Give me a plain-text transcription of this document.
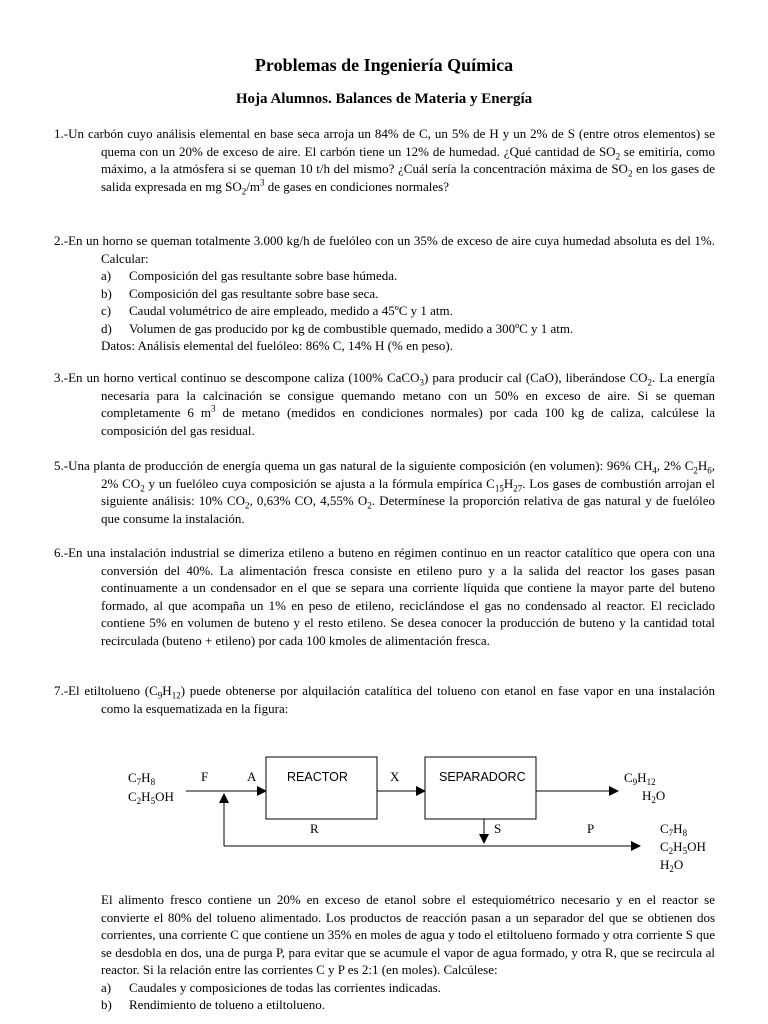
Problemas de Ingeniería Química
Hoja Alumnos. Balances de Materia y Energía

1.-Un carbón cuyo análisis elemental en base seca arroja un 84% de C, un 5% de H y un 2% de S (entre otros elementos) se quema con un 20% de exceso de aire. El carbón tiene un 12% de humedad. ¿Qué cantidad de $SO_2$ se emitiría, como máximo, a la atmósfera si se queman 10 t/h del mismo? ¿Cuál sería la concentración máxima de $SO_2$ en los gases de salida expresada en mg $SO_2/m^3$ de gases en condiciones normales?

2.-En un horno se queman totalmente 3.000 kg/h de fuelóleo con un 35% de exceso de aire cuya humedad absoluta es del 1%. Calcular:

a) Composición del gas resultante sobre base húmeda.
b) Composición del gas resultante sobre base seca.
c) Caudal volumétrico de aire empleado, medido a 45ºC y 1 atm.
d) Volumen de gas producido por kg de combustible quemado, medido a 300ºC y 1 atm.

Datos: Análisis elemental del fuelóleo: 86% C, 14% H (% en peso).

3.-En un horno vertical continuo se descompone caliza (100% CaCO$_3$) para producir cal (CaO), liberándose $CO_2$. La energía necesaria para la calcinación se consigue quemando metano con un 50% en exceso de aire. Si se queman completamente 6 $m^3$ de metano (medidos en condiciones normales) por cada 100 kg de caliza, calcúlese la composición del gas residual.

5.-Una planta de producción de energía quema un gas natural de la siguiente composición (en volumen): 96% $CH_4$, 2% $C_2H_6$, 2% $CO_2$ y un fuelóleo cuya composición se ajusta a la fórmula empírica $C_{15}H_{27}$. Los gases de combustión arrojan el siguiente análisis: 10% $CO_2$, 0,63% CO, 4,55% $O_2$. Determínese la proporción relativa de gas natural y de fuelóleo que consume la instalación.

6.-En una instalación industrial se dimeriza etileno a buteno en régimen continuo en un reactor catalítico que opera con una conversión del 40%. La alimentación fresca consiste en etileno puro y a la salida del reactor los gases pasan continuamente a un condensador en el que se separa una corriente líquida que contiene la mayor parte del buteno formado, al que acompaña un 1% en peso de etileno, reciclándose el gas no condensado al reactor. El reciclado contiene 5% en volumen de buteno y el resto etileno. Se desea conocer la producción de buteno y la cantidad total recirculada (buteno + etileno) por cada 100 kmoles de alimentación fresca.

7.-El etiltolueno $(C_9H_{12})$ puede obtenerse por alquilación catalítica del tolueno con etanol en fase vapor en una instalación como la esquematizada en la figura:

$C_7H_8$
$C_2H_5OH$
F	A REACTOR	X	SEPARADORC	$C_9H_{12}$
$H_2O$
S	P
R	$C_7H_8$
$C_2H_5OH$
$H_2O$

El alimento fresco contiene un 20% en exceso de etanol sobre el estequiométrico necesario y en el reactor se convierte el 80% del tolueno alimentado. Los productos de reacción pasan a un separador del que se obtienen dos corrientes, una corriente C que contiene un 35% en moles de agua y todo el etiltolueno formado y otra corriente S que se desdobla en dos, una de purga P, para evitar que se acumule el vapor de agua formado, y otra R, que se recircula al reactor. Si la relación entre las corrientes C y P es 2:1 (en moles). Calcúlese:

a) Caudales y composiciones de todas las corrientes indicadas.
b) Rendimiento de tolueno a etiltolueno.
